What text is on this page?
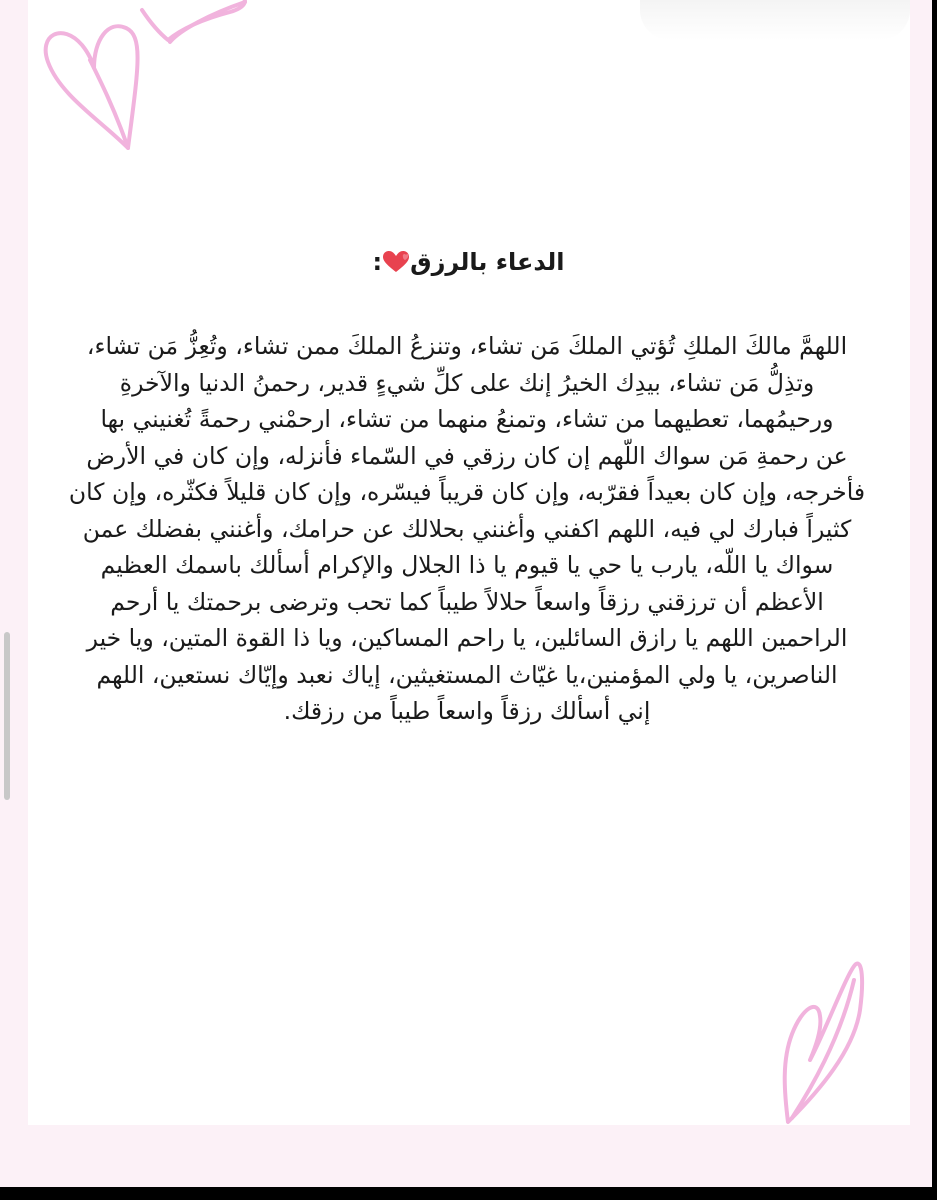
الدعاء بالرزق:
اللهمَّ مالكَ الملكِ تُؤتي الملكَ مَن تشاء، وتنزعُ الملكَ ممن تشاء، وتُعِزُّ مَن تشاء،
وتذِلُّ مَن تشاء، بيدِك الخيرُ إنك على كلِّ شيءٍ قدير، رحمنُ الدنيا والآخرةِ
ورحيمُهما، تعطيهما من تشاء، وتمنعُ منهما من تشاء، ارحمْني رحمةً تُغنيني بها
عن رحمةِ مَن سواك اللّهم إن كان رزقي في السّماء فأنزله، وإن كان في الأرض
فأخرجه، وإن كان بعيداً فقرّبه، وإن كان قريباً فيسّره، وإن كان قليلاً فكثّره، وإن كان
كثيراً فبارك لي فيه، اللهم اكفني وأغنني بحلالك عن حرامك، وأغنني بفضلك عمن
سواك يا اللّه، يارب يا حي يا قيوم يا ذا الجلال والإكرام أسألك باسمك العظيم
الأعظم أن ترزقني رزقاً واسعاً حلالاً طيباً كما تحب وترضى برحمتك يا أرحم
الراحمين اللهم يا رازق السائلين، يا راحم المساكين، ويا ذا القوة المتين، ويا خير
الناصرين، يا ولي المؤمنين،يا غيّاث المستغيثين، إياك نعبد وإيّاك نستعين، اللهم
إني أسألك رزقاً واسعاً طيباً من رزقك.
